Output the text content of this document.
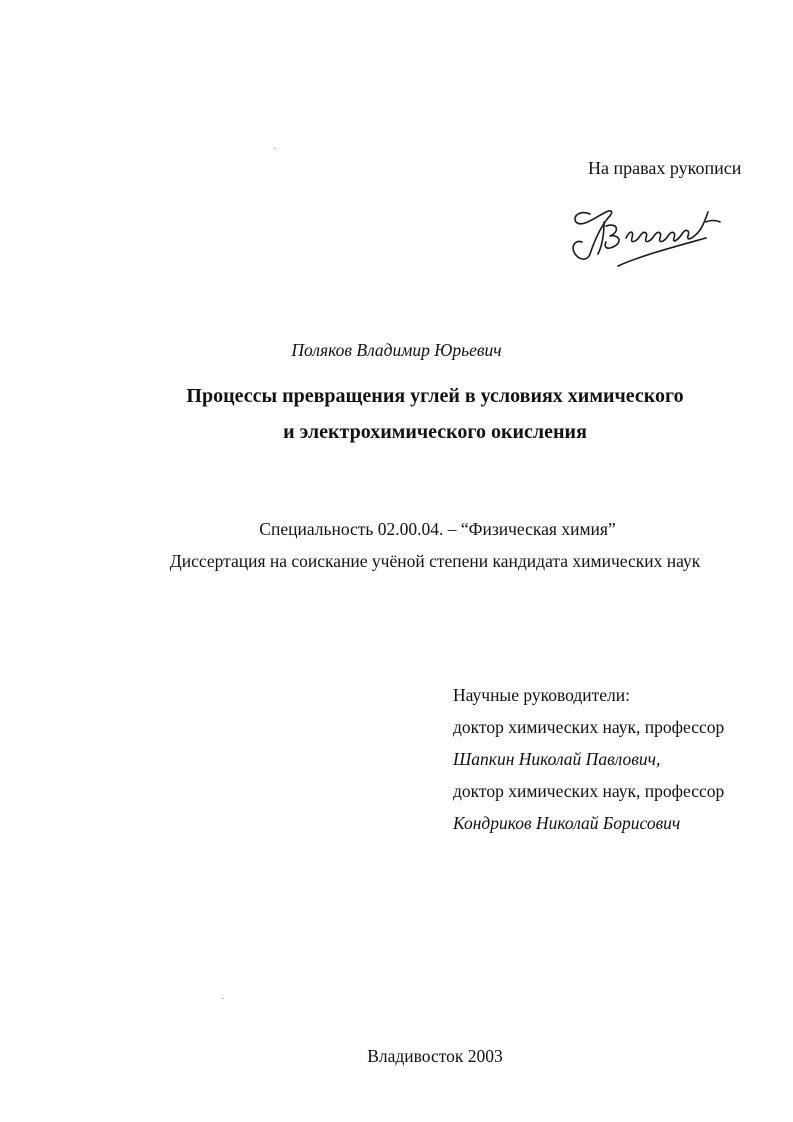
На правах рукописи
Поляков Владимир Юрьевич
Процессы превращения углей в условиях химического
и электрохимического окисления
Специальность 02.00.04. – “Физическая химия”
Диссертация на соискание учёной степени кандидата химических наук
Научные руководители:
доктор химических наук, профессор
Шапкин Николай Павлович,
доктор химических наук, профессор
Кондриков Николай Борисович
Владивосток 2003
